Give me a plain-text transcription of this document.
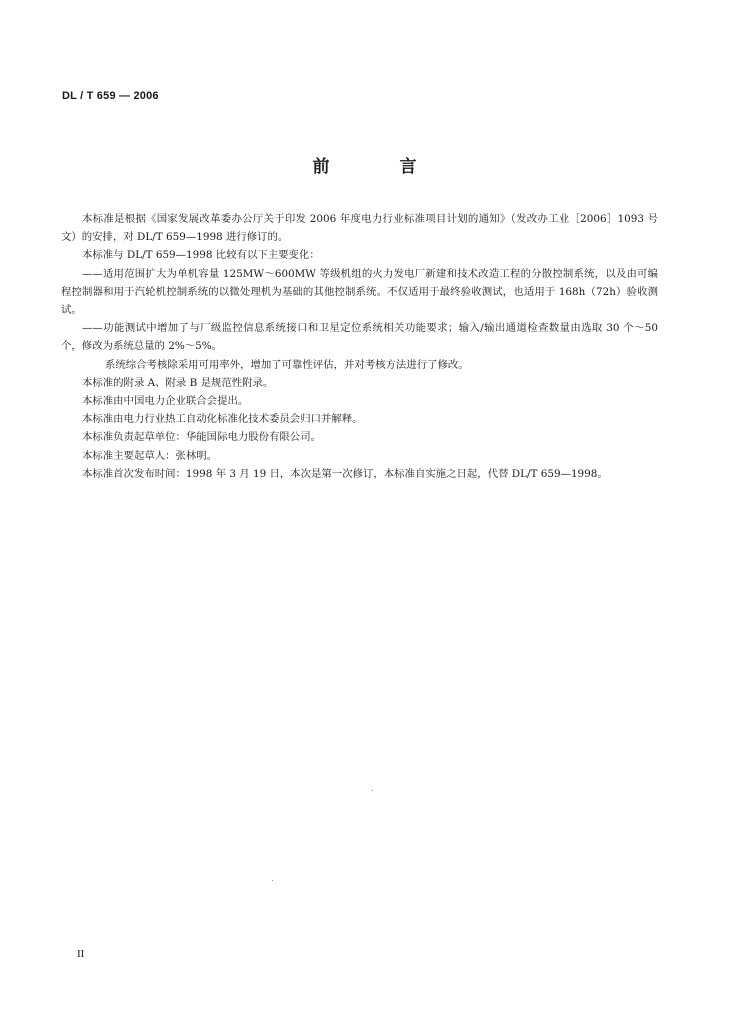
DL / T 659 — 2006
前 言

本标准是根据《国家发展改革委办公厅关于印发 2006 年度电力行业标准项目计划的通知》（发改办工业［2006］1093 号文）的安排，对 DL/T 659—1998 进行修订的。

本标准与 DL/T 659—1998 比较有以下主要变化：

——适用范围扩大为单机容量 125MW～600MW 等级机组的火力发电厂新建和技术改造工程的分散控制系统，以及由可编程控制器和用于汽轮机控制系统的以微处理机为基础的其他控制系统。不仅适用于最终验收测试，也适用于 168h（72h）验收测试。

——功能测试中增加了与厂级监控信息系统接口和卫星定位系统相关功能要求；输入/输出通道检查数量由选取 30 个～50 个，修改为系统总量的 2%～5%。

系统综合考核除采用可用率外，增加了可靠性评估，并对考核方法进行了修改。

本标准的附录 A、附录 B 是规范性附录。

本标准由中国电力企业联合会提出。

本标准由电力行业热工自动化标准化技术委员会归口并解释。

本标准负责起草单位：华能国际电力股份有限公司。

本标准主要起草人：张林明。

本标准首次发布时间：1998 年 3 月 19 日，本次是第一次修订，本标准自实施之日起，代替 DL/T 659—1998。

II
